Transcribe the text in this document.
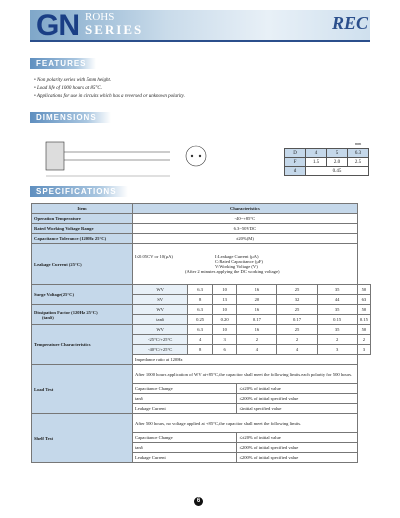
GN ROHS
SERIES	REC
FEATURES
• Non polarity series with 5mm height.
• Load life of 1000 hours at 85°C.
• Applications for use in circuits which has a reversed or unknown polarity.
DIMENSIONS
mm
D	4	5	6.3
F	1.5	2.0	2.5
d	0.45		
SPECIFICATIONS
Item	Characteristics						
Operation Temperature	-40~+85°C						
Rated Working Voltage Range	6.3~50VDC						
Capacitance Tolerance (120Hz 25°C)	±20%(M)						
Leakage Current (25°C)	I≤0.05CV or 10(μA) I:Leakage Current (μA)
C:Rated Capacitance (μF)
V:Working Voltage (V)
(After 2 minutes applying the DC working voltage)						

Surge Voltage(25°C)	WV	6.3	10	16	25	35	50
	SV	8	13	20	32	44	63
Dissipation Factor (120Hz 25°C)
(tanδ)	WV	6.3	10	16	25	35	50
	tanδ	0.25	0.20	0.17	0.17	0.15	0.15
Temperature Characteristics	WV	6.3	10	16	25	35	50
	-25°C/+25°C	4	3	2	2	2	2
	-40°C/+25°C	8	6	4	4	3	3
	Impedance ratio at 120Hz						
Load Test	After 1000 hours application of WV at+85°C,the capacitor shall meet the following limits.each polarity for 500 hours.						
	Capacitance Change			≤±20% of initial value			
	tanδ			≤200% of initial specified value			
	Leakage Current			≤initial specified value			
Shelf Test	After 500 hours, no voltage applied at +85°C,the capacitor shall meet the following limits.						
	Capacitance Change			≤±20% of initial value			
	tanδ			≤200% of initial specified value			
	Leakage Current			≤200% of initial specified value			
6
